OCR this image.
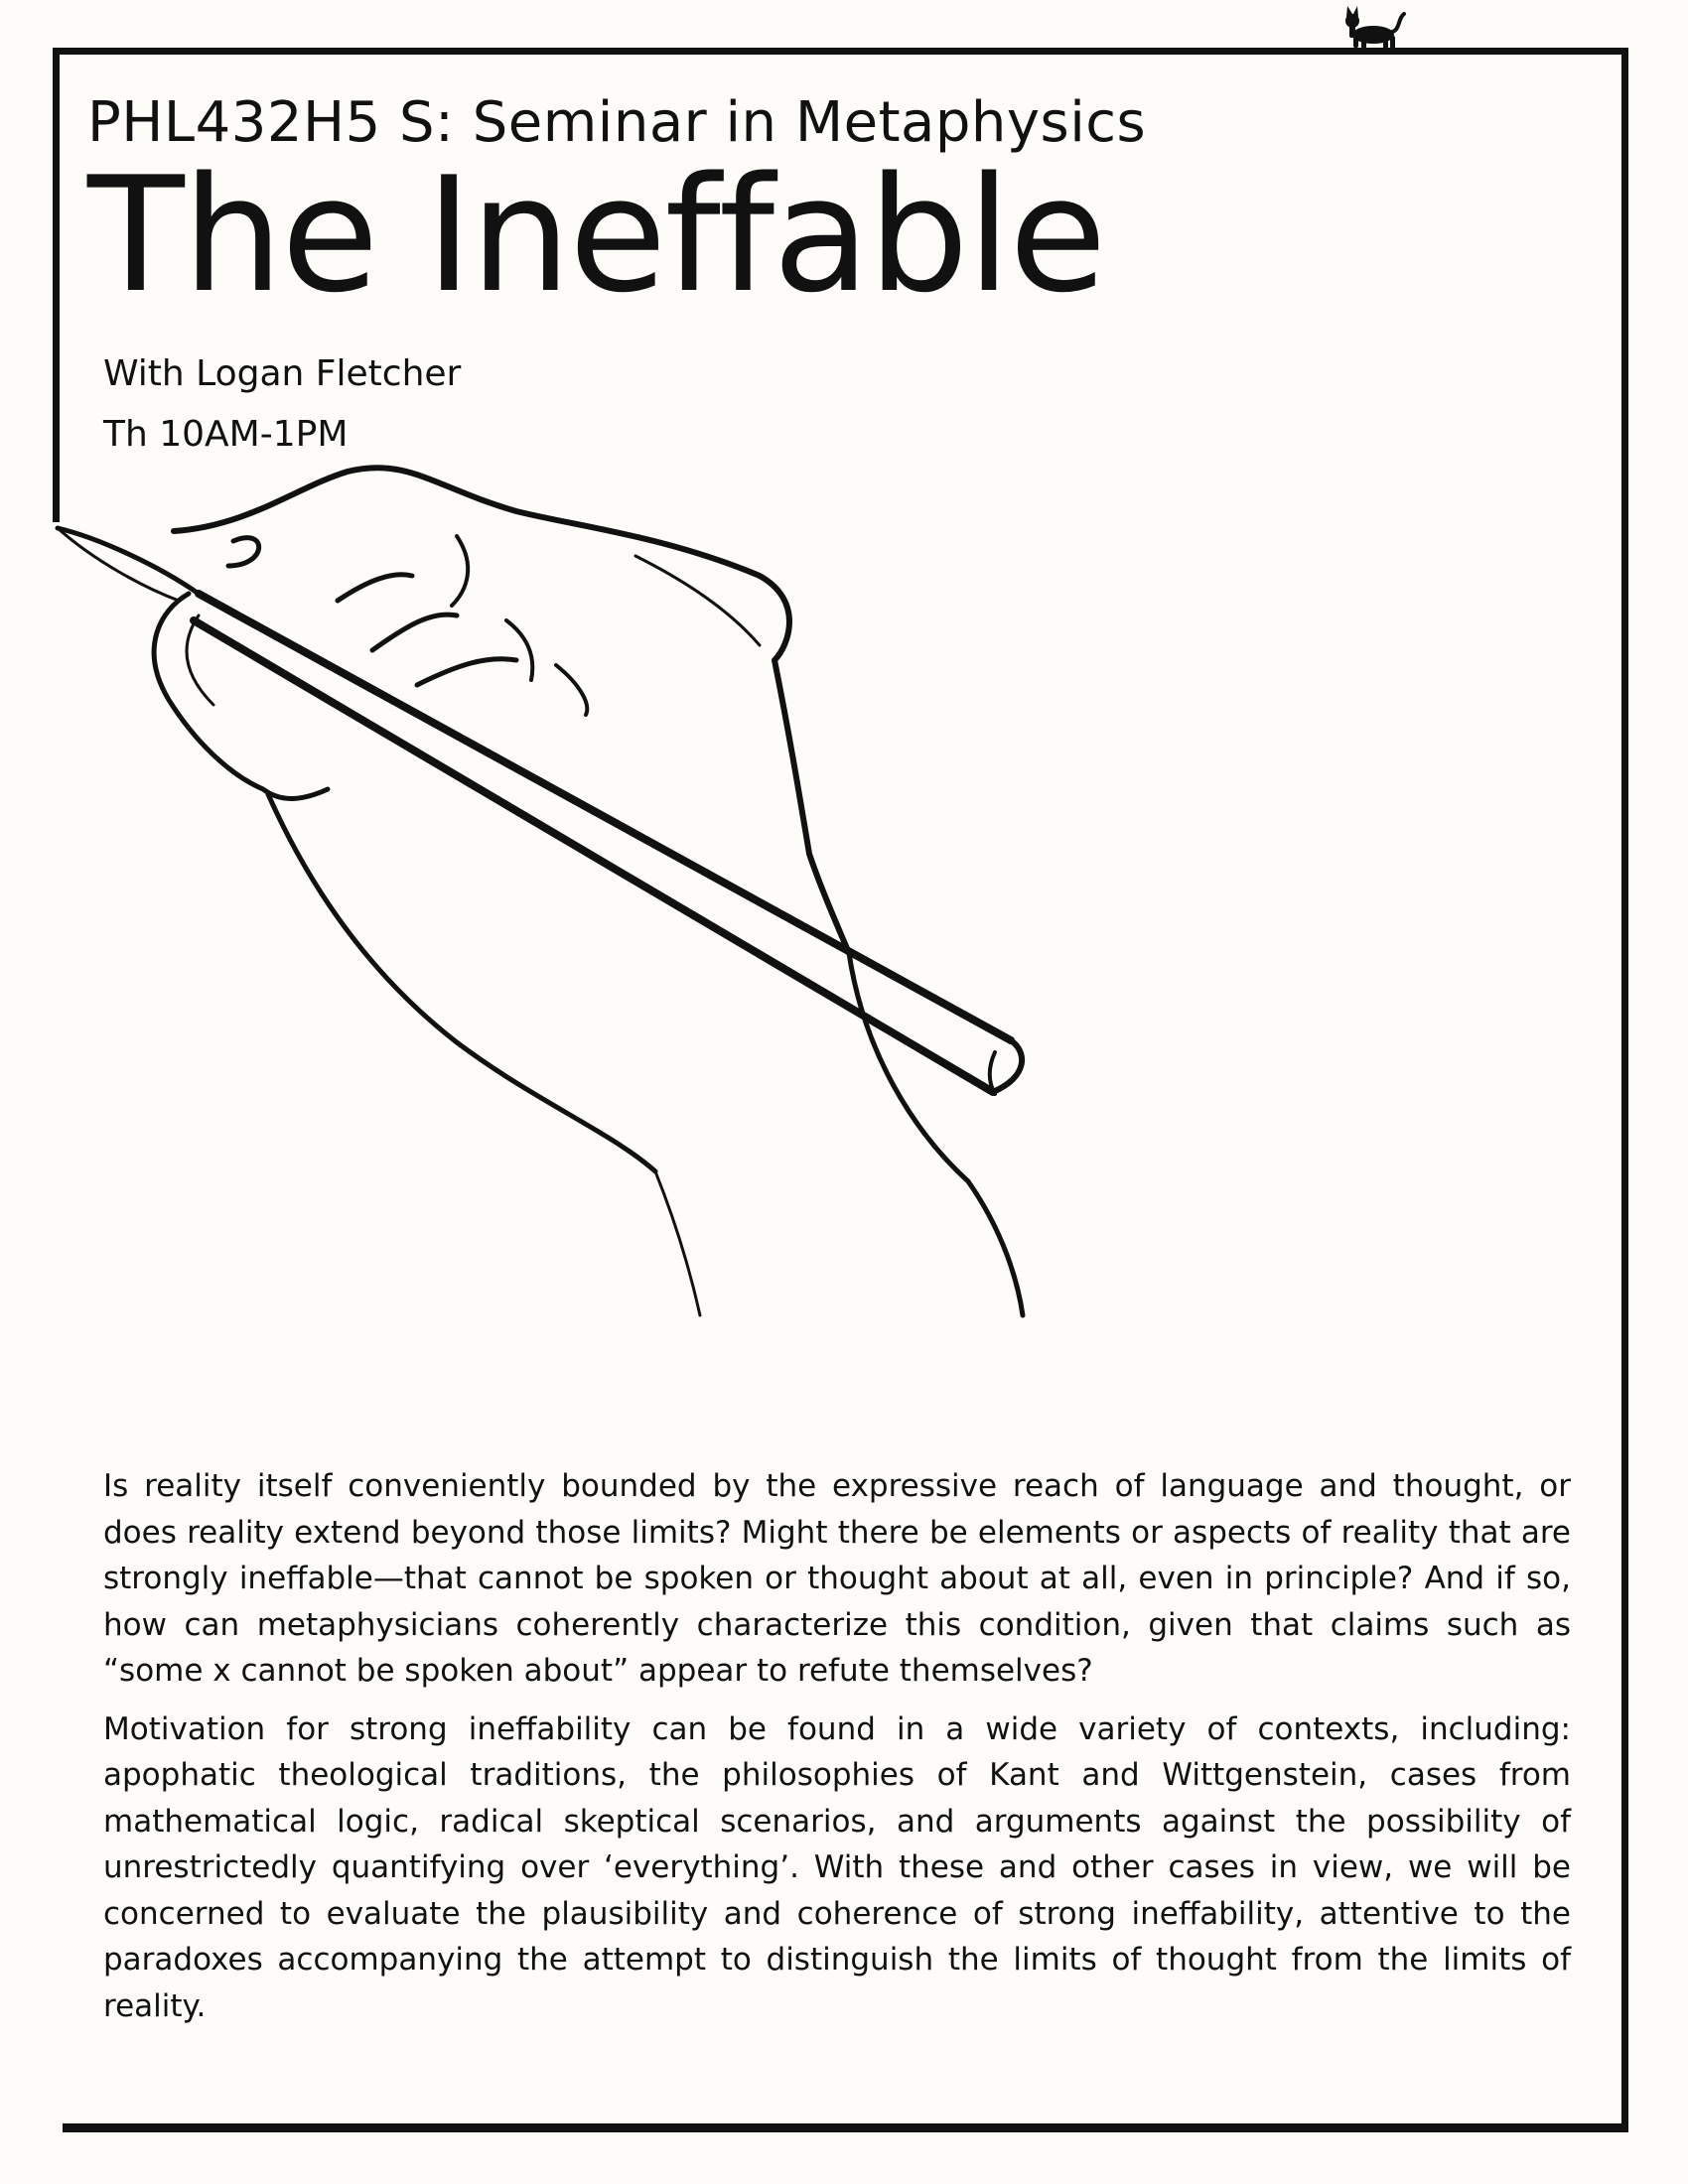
PHL432H5 S: Seminar in Metaphysics
The Ineffable
With Logan Fletcher
Th 10AM-1PM

Is reality itself conveniently bounded by the expressive reach of language and thought, or does reality extend beyond those limits? Might there be elements or aspects of reality that are strongly ineffable—that cannot be spoken or thought about at all, even in principle? And if so, how can metaphysicians coherently characterize this condition, given that claims such as “some x cannot be spoken about” appear to refute themselves?

Motivation for strong ineffability can be found in a wide variety of contexts, including: apophatic theological traditions, the philosophies of Kant and Wittgenstein, cases from mathematical logic, radical skeptical scenarios, and arguments against the possibility of unrestrictedly quantifying over ‘everything’. With these and other cases in view, we will be concerned to evaluate the plausibility and coherence of strong ineffability, attentive to the paradoxes accompanying the attempt to distinguish the limits of thought from the limits of reality.
